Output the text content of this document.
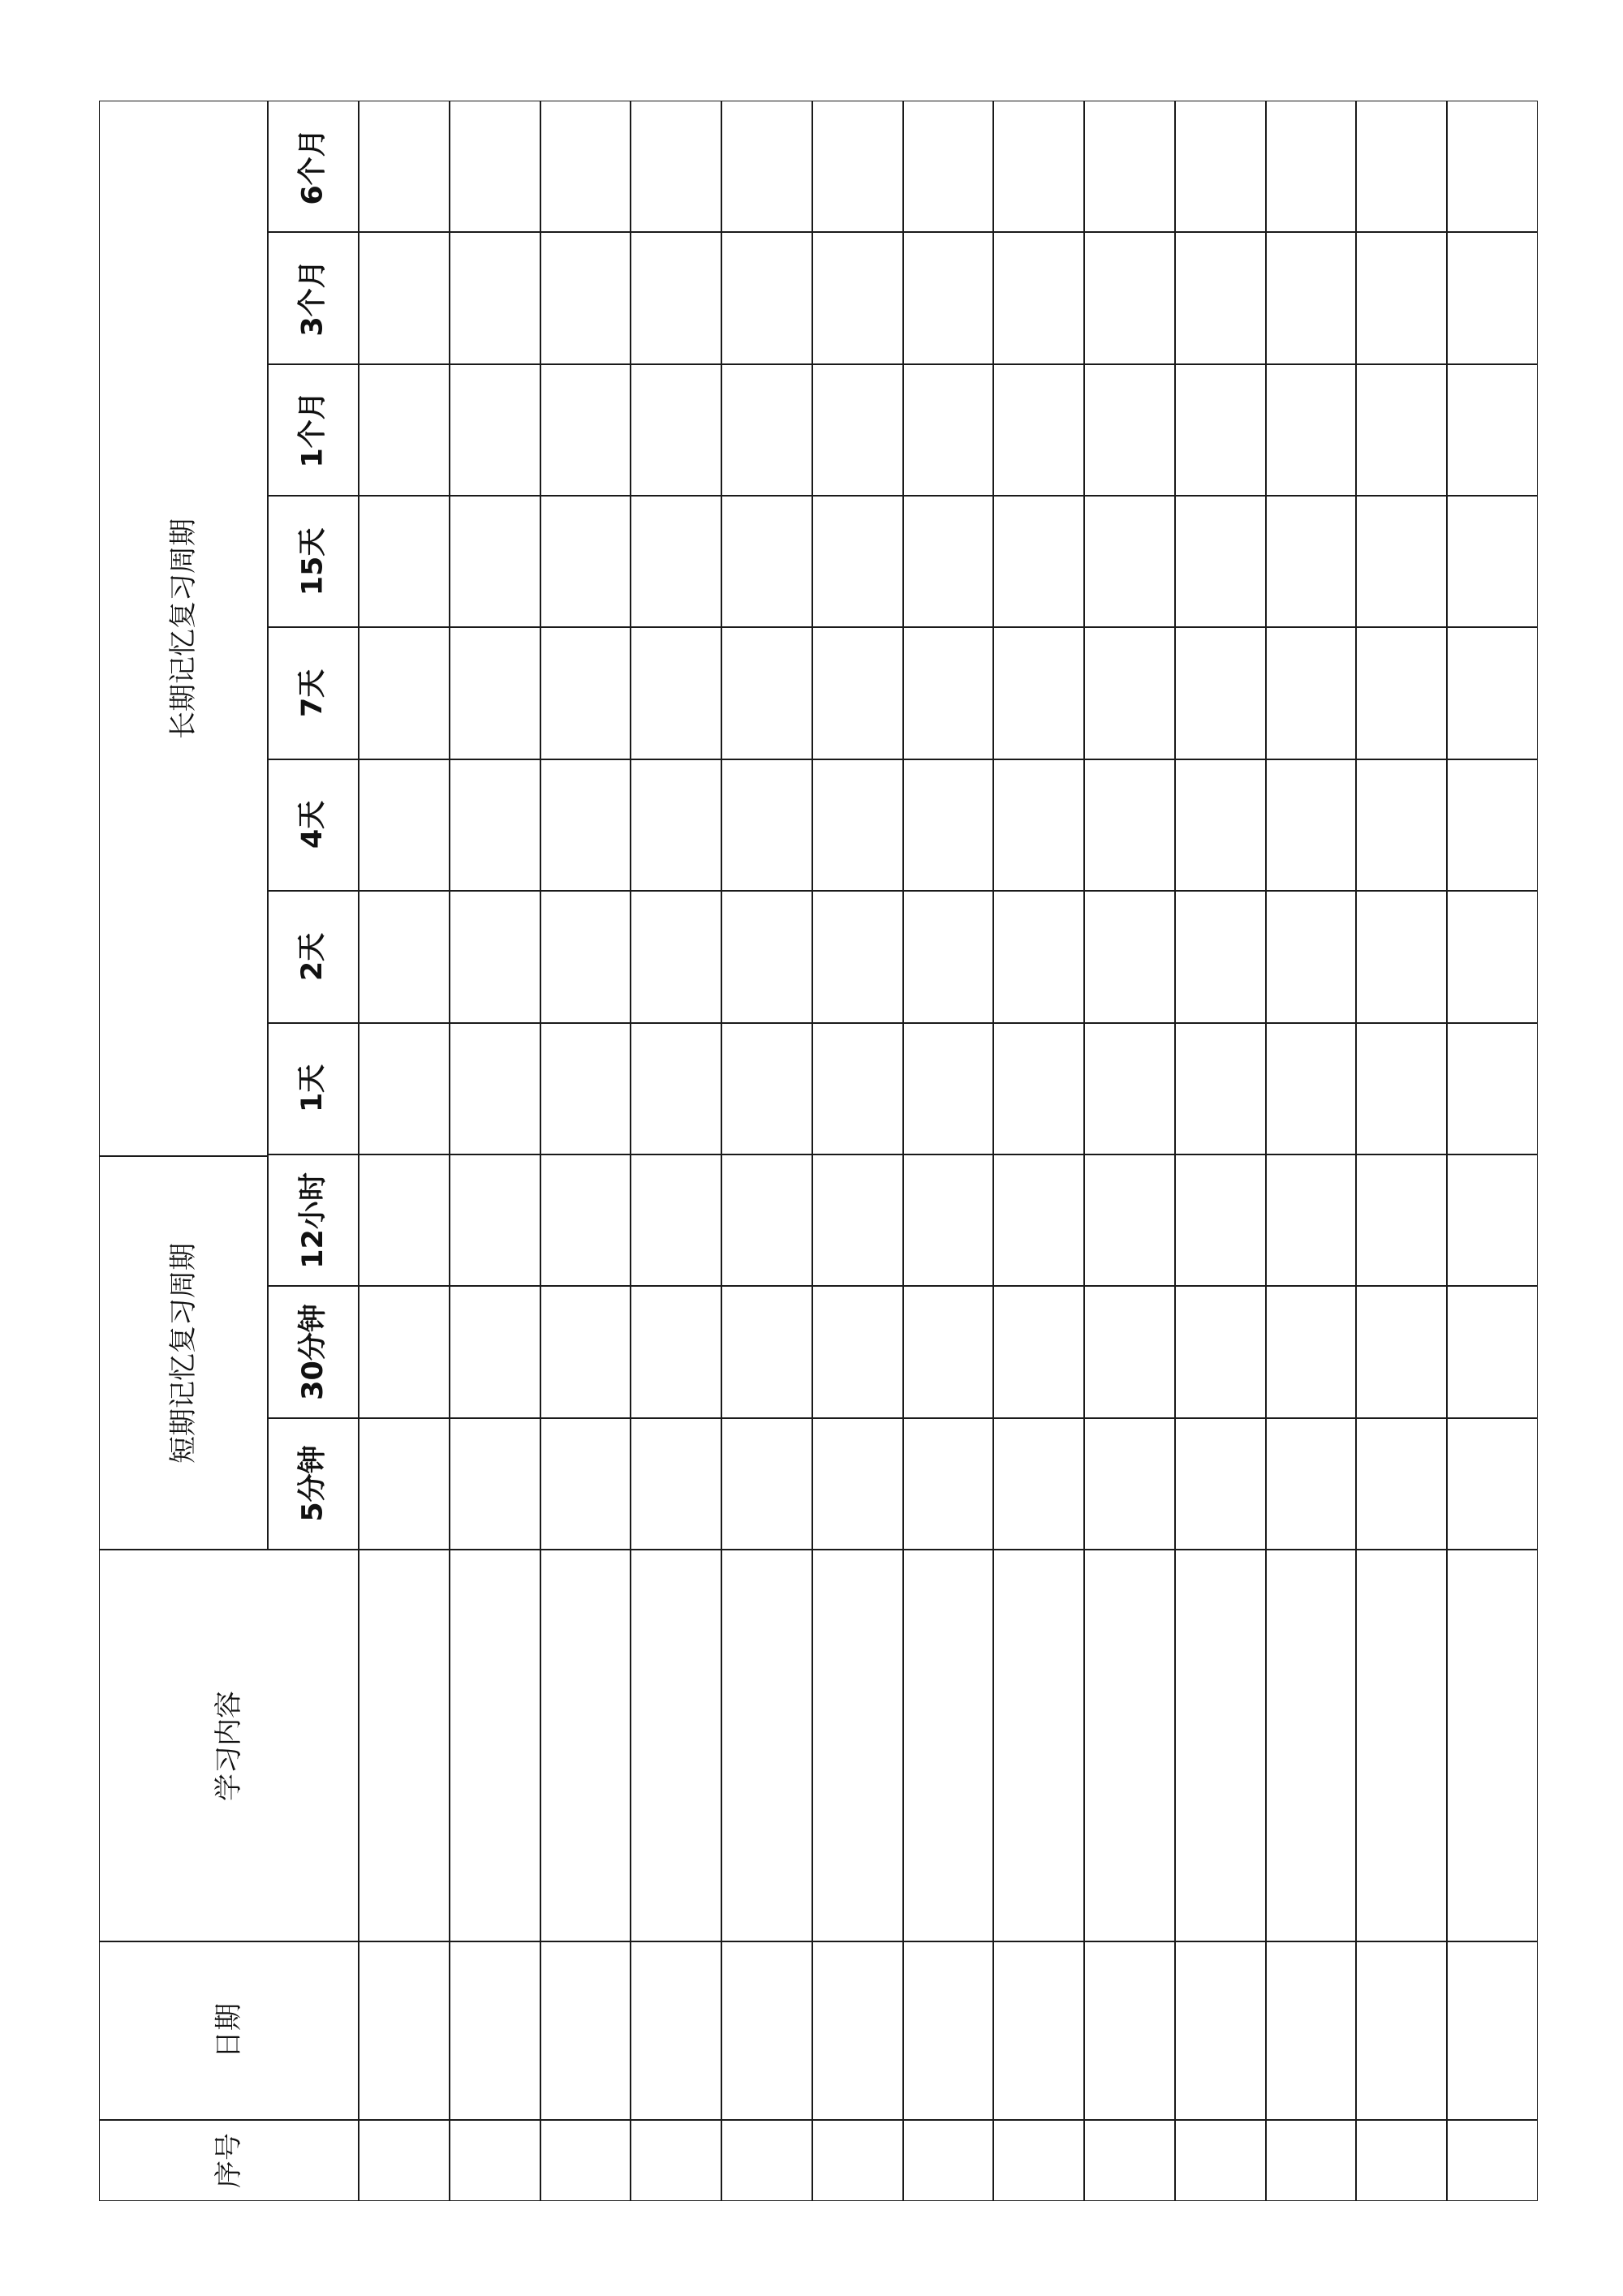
序号
日期
学习内容
短期记忆复习周期
长期记忆复习周期
5分钟
30分钟
12小时
1天
2天
4天
7天
15天
1个月
3个月
6个月
